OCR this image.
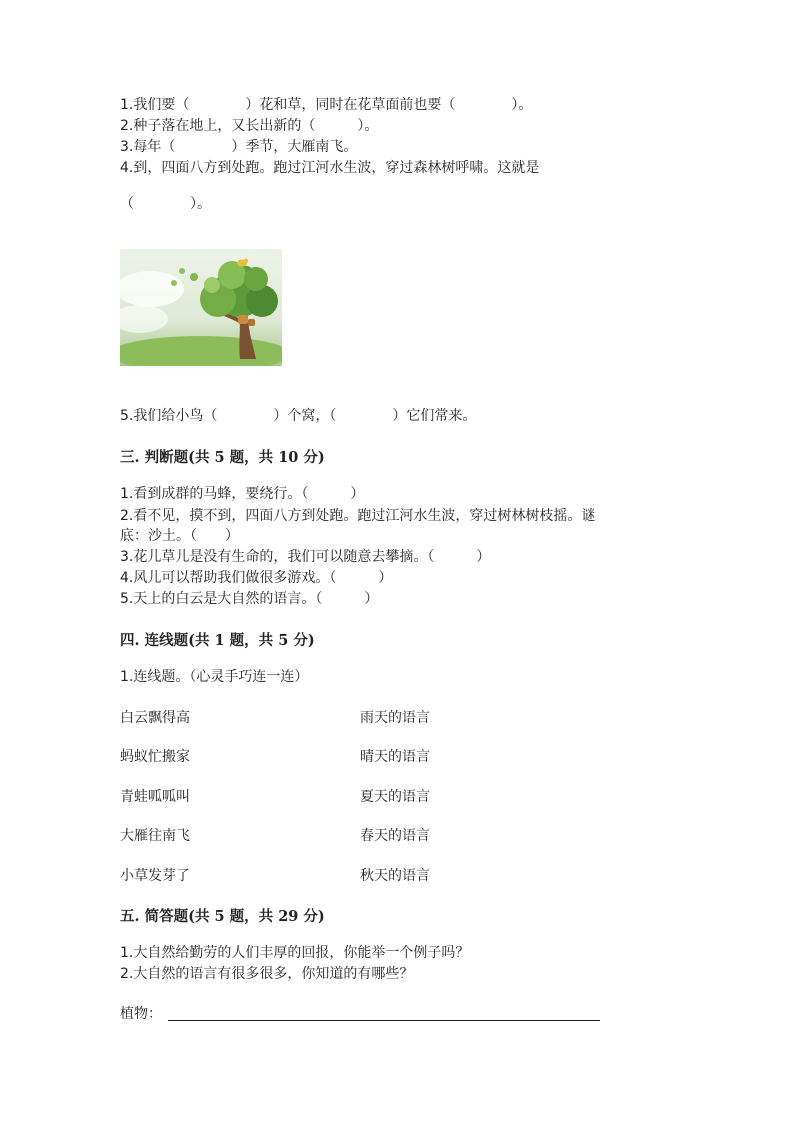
1.我们要（　　　　）花和草，同时在花草面前也要（　　　　）。
2.种子落在地上，又长出新的（　　　）。
3.每年（　　　　）季节，大雁南飞。
4.到，四面八方到处跑。跑过江河水生波，穿过森林树呼啸。这就是
（　　　　）。
5.我们给小鸟（　　　　）个窝，（　　　　）它们常来。
三. 判断题(共 5 题，共 10 分)
1.看到成群的马蜂，要绕行。（　　　）
2.看不见，摸不到，四面八方到处跑。跑过江河水生波，穿过树林树枝摇。谜
底：沙土。（　　）
3.花儿草儿是没有生命的，我们可以随意去攀摘。（　　　）
4.风儿可以帮助我们做很多游戏。（　　　）
5.天上的白云是大自然的语言。（　　　）
四. 连线题(共 1 题，共 5 分)
1.连线题。（心灵手巧连一连）
白云飘得高	雨天的语言
蚂蚁忙搬家	晴天的语言
青蛙呱呱叫	夏天的语言
大雁往南飞	春天的语言
小草发芽了	秋天的语言
五. 简答题(共 5 题，共 29 分)
1.大自然给勤劳的人们丰厚的回报，你能举一个例子吗？
2.大自然的语言有很多很多，你知道的有哪些？
植物：
